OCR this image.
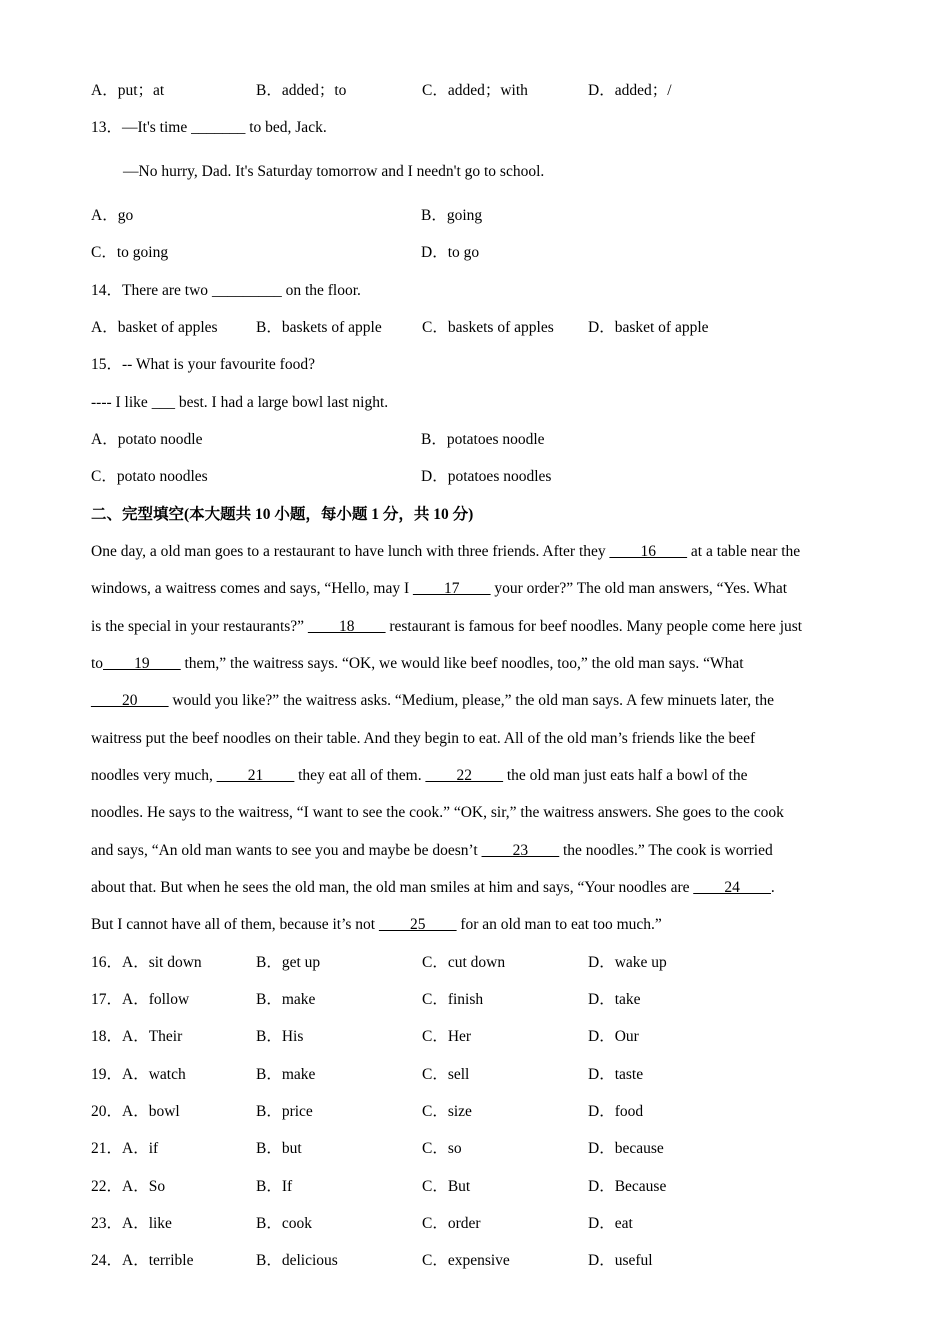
A．put；at	B．added；to	C．added；with	D．added；/
13．—It's time _______ to bed, Jack.
—No hurry, Dad. It's Saturday tomorrow and I needn't go to school.
A．go	B．going
C．to going	D．to go
14．There are two _________ on the floor.
A．basket of apples B．baskets of apple	C．baskets of apples D．basket of apple
15．-- What is your favourite food?
---- I like ___ best. I had a large bowl last night.
A．potato noodle	B．potatoes noodle
C．potato noodles	D．potatoes noodles
二、完型填空(本大题共 10 小题，每小题 1 分，共 10 分)
One day, a old man goes to a restaurant to have lunch with three friends. After they ____16____ at a table near the
windows, a waitress comes and says, “Hello, may I ____17____ your order?” The old man answers, “Yes. What
is the special in your restaurants?” ____18____ restaurant is famous for beef noodles. Many people come here just
to____19____ them,” the waitress says. “OK, we would like beef noodles, too,” the old man says. “What
____20____ would you like?” the waitress asks. “Medium, please,” the old man says. A few minuets later, the
waitress put the beef noodles on their table. And they begin to eat. All of the old man’s friends like the beef
noodles very much, ____21____ they eat all of them. ____22____ the old man just eats half a bowl of the
noodles. He says to the waitress, “I want to see the cook.” “OK, sir,” the waitress answers. She goes to the cook
and says, “An old man wants to see you and maybe be doesn’t ____23____ the noodles.” The cook is worried
about that. But when he sees the old man, the old man smiles at him and says, “Your noodles are ____24____.
But I cannot have all of them, because it’s not ____25____ for an old man to eat too much.”
16．A．sit down	B．get up	C．cut down	D．wake up
17．A．follow	B．make	C．finish	D．take
18．A．Their	B．His	C．Her	D．Our
19．A．watch	B．make	C．sell	D．taste
20．A．bowl	B．price	C．size	D．food
21．A．if	B．but	C．so	D．because
22．A．So	B．If	C．But	D．Because
23．A．like	B．cook	C．order	D．eat
24．A．terrible	B．delicious	C．expensive	D．useful
